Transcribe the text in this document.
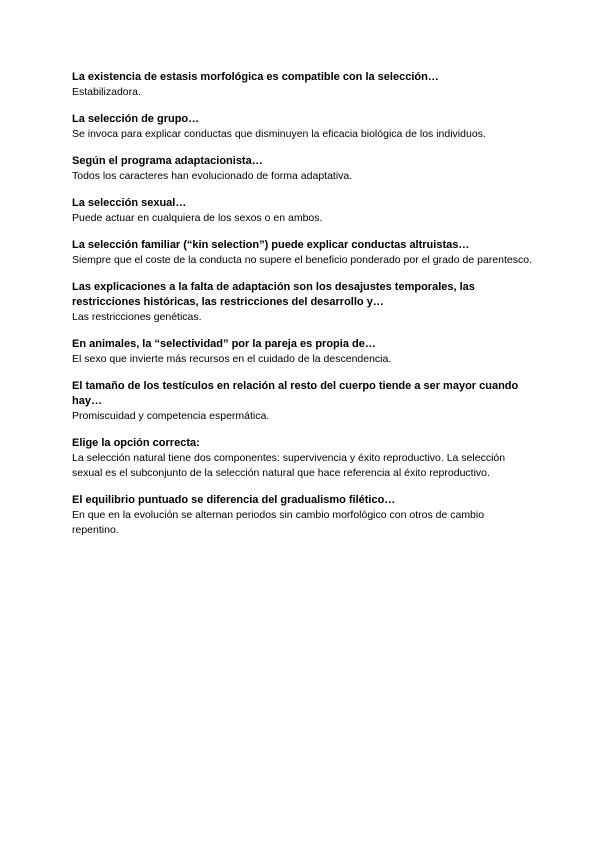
La existencia de estasis morfológica es compatible con la selección…

Estabilizadora.

La selección de grupo…

Se invoca para explicar conductas que disminuyen la eficacia biológica de los individuos.

Según el programa adaptacionista…

Todos los caracteres han evolucionado de forma adaptativa.

La selección sexual…

Puede actuar en cualquiera de los sexos o en ambos.

La selección familiar (“kin selection”) puede explicar conductas altruistas…

Siempre que el coste de la conducta no supere el beneficio ponderado por el grado de parentesco.

Las explicaciones a la falta de adaptación son los desajustes temporales, las restricciones históricas, las restricciones del desarrollo y…

Las restricciones genéticas.

En animales, la “selectividad” por la pareja es propia de…

El sexo que invierte más recursos en el cuidado de la descendencia.

El tamaño de los testículos en relación al resto del cuerpo tiende a ser mayor cuando hay…

Promiscuidad y competencia espermática.

Elige la opción correcta:

La selección natural tiene dos componentes: supervivencia y éxito reproductivo. La selección sexual es el subconjunto de la selección natural que hace referencia al éxito reproductivo.

El equilibrio puntuado se diferencia del gradualismo filético…

En que en la evolución se alternan periodos sin cambio morfológico con otros de cambio repentino.
